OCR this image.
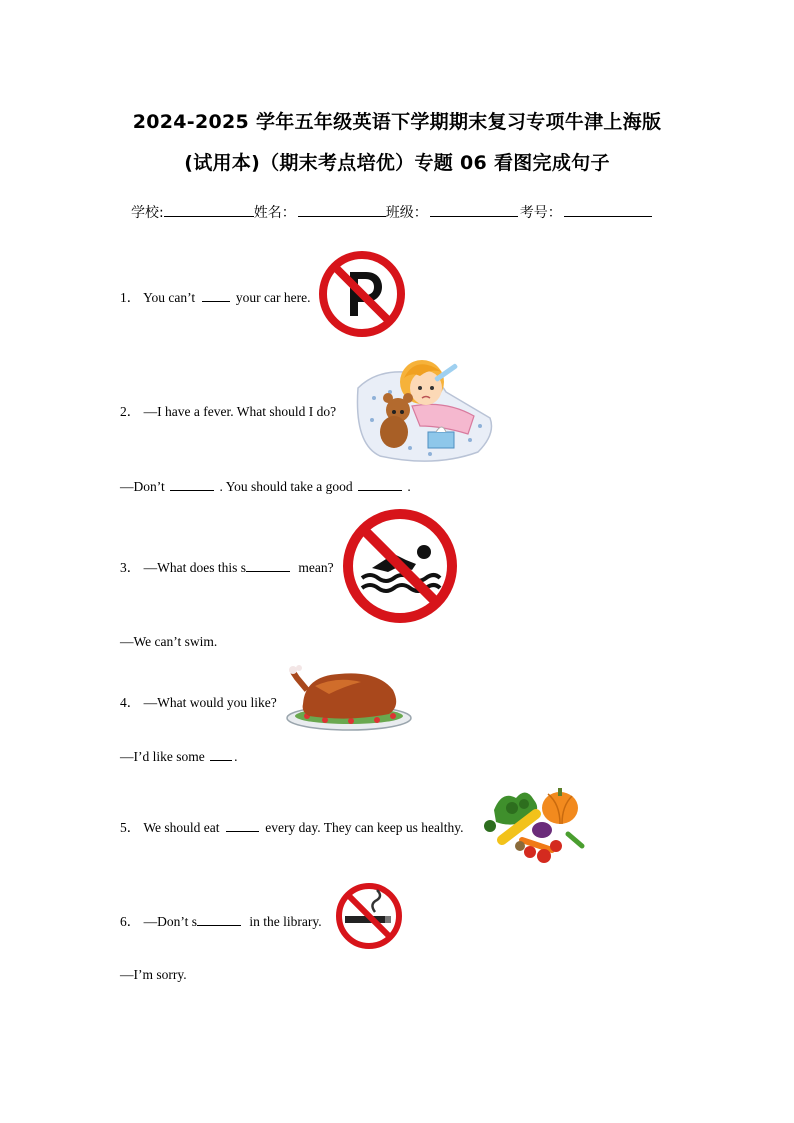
2024-2025 学年五年级英语下学期期末复习专项牛津上海版
(试用本)（期末考点培优）专题 06 看图完成句子
学校:	姓名：	班级：	考号：
1． You can’t	your car here.
2． —I have a fever. What should I do?
—Don’t	. You should take a good	.
3． —What does this s	mean?
—We can’t swim.
4． —What would you like?
—I’d like some .
5． We should eat	every day. They can keep us healthy.
6． —Don’t s	in the library.
—I’m sorry.
